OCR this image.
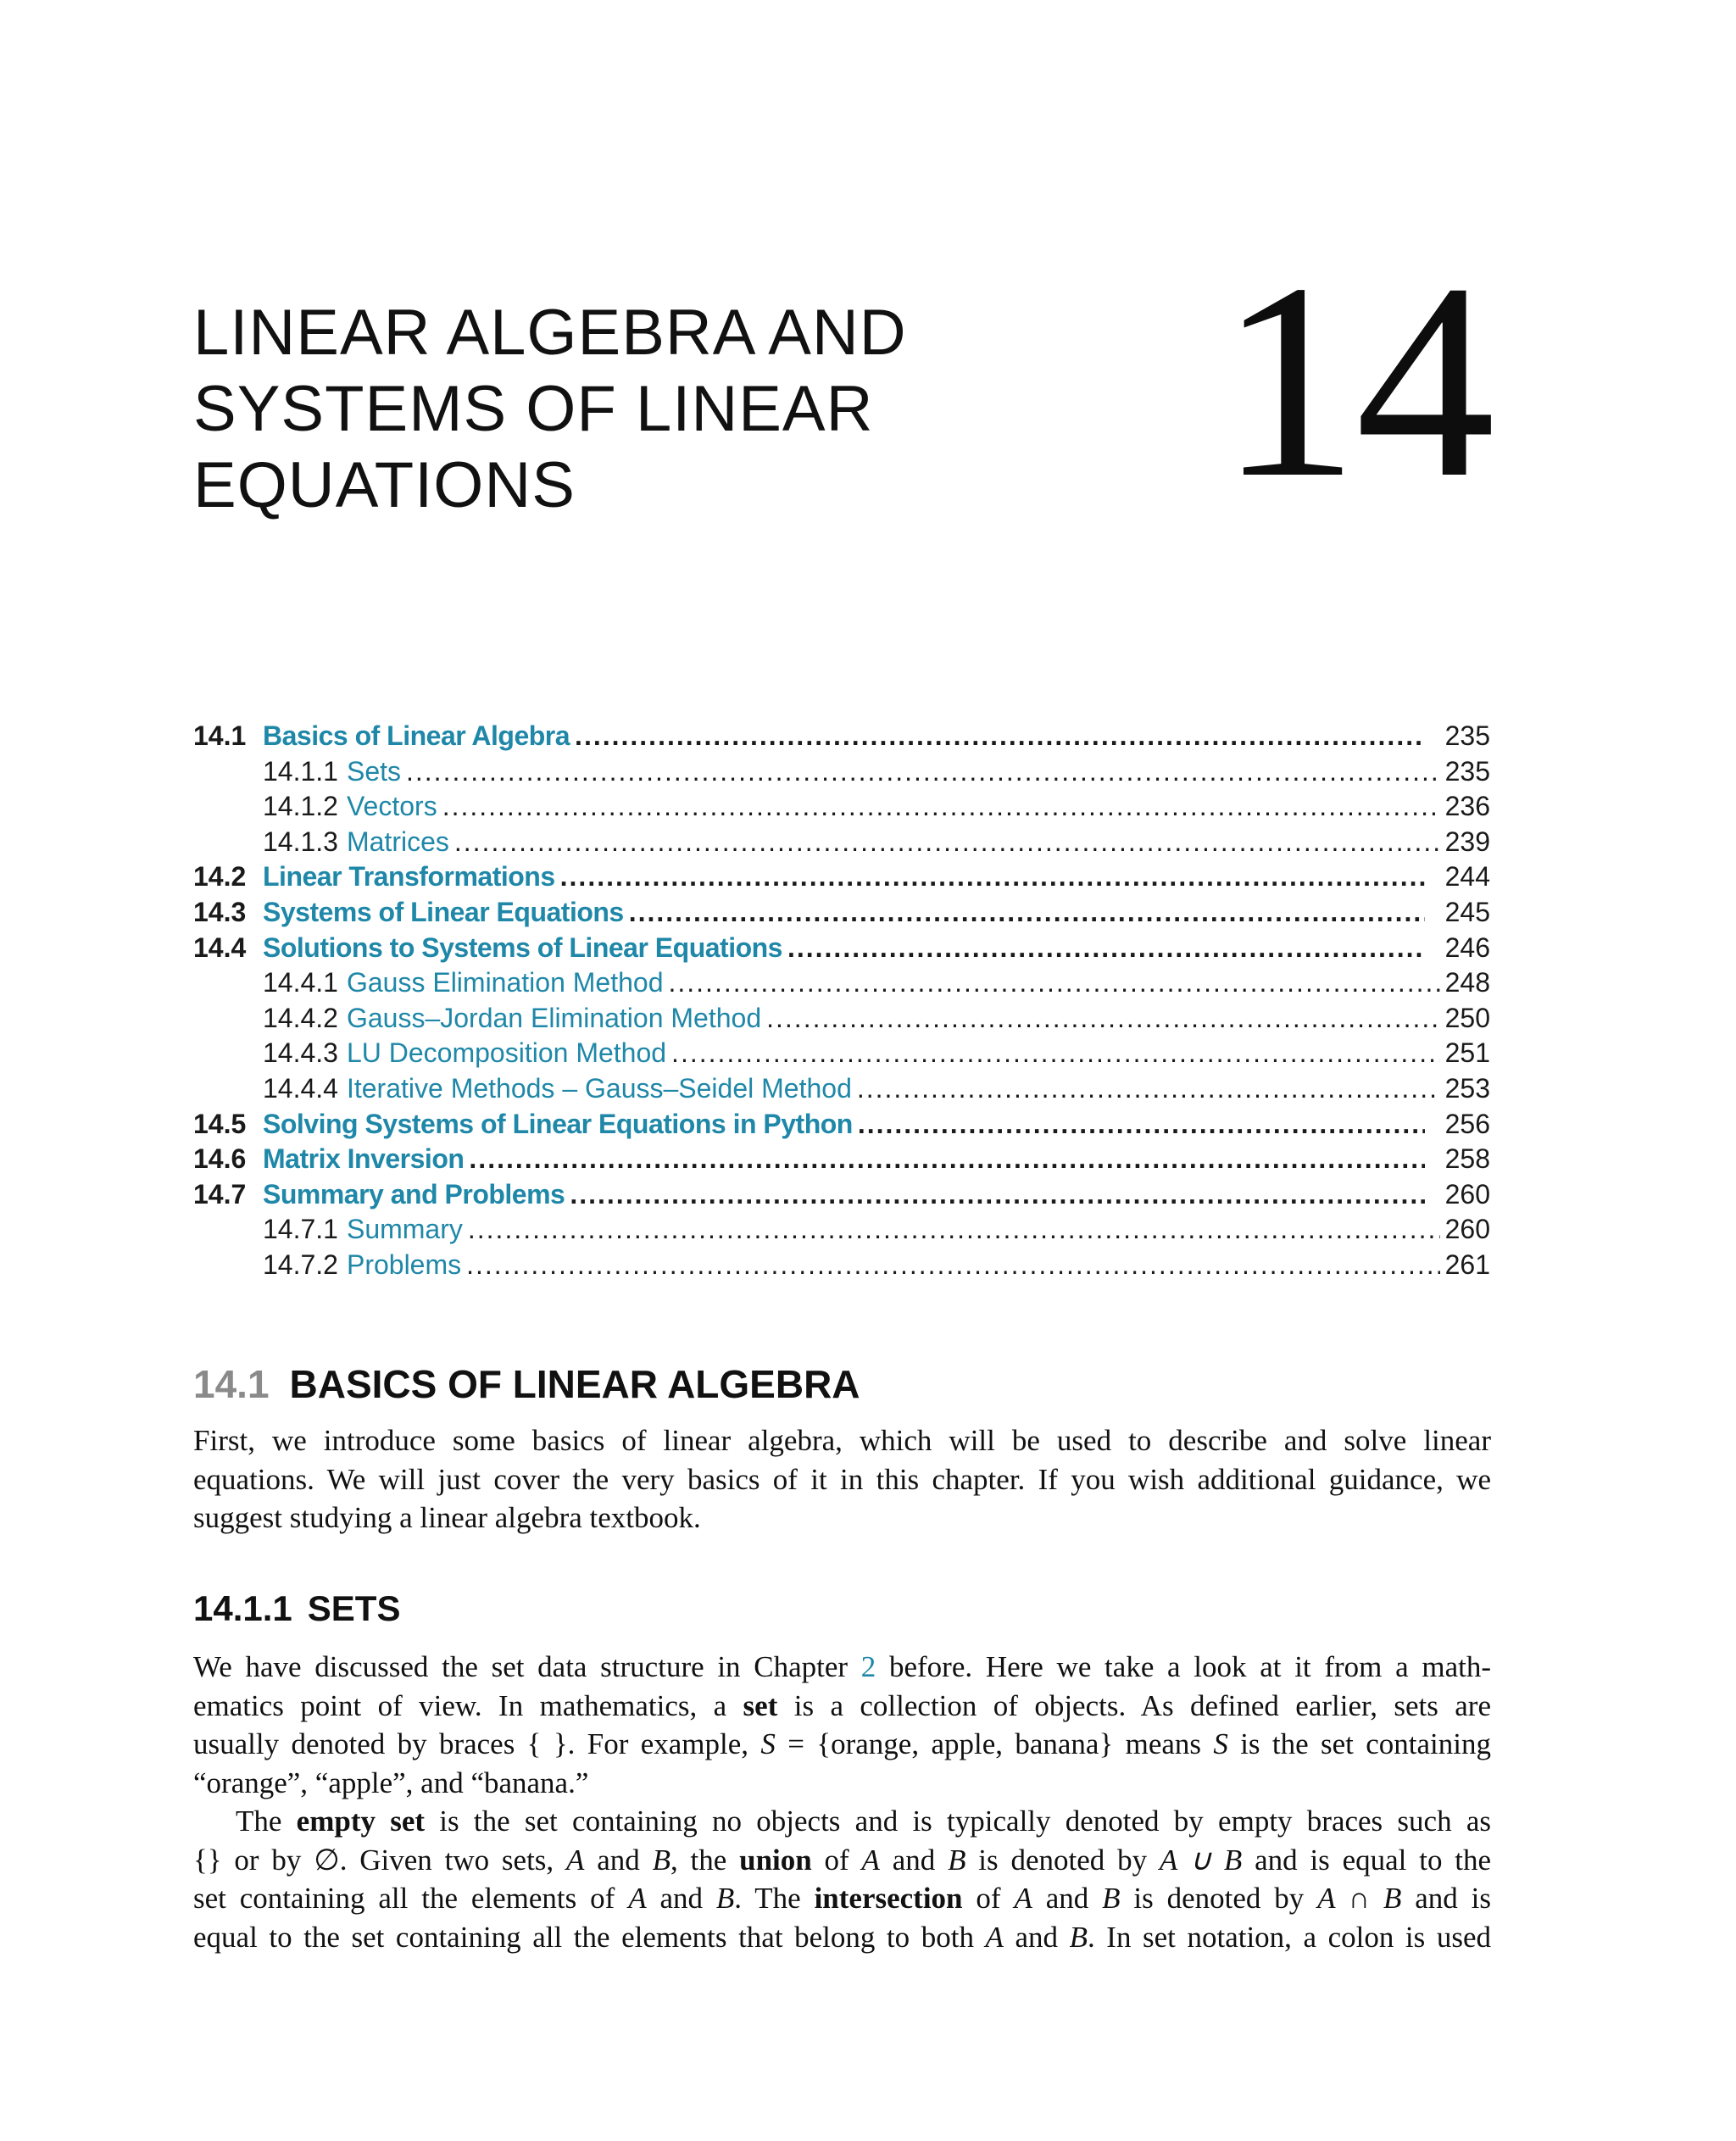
LINEAR ALGEBRA AND
SYSTEMS OF LINEAR
EQUATIONS	14
14.1 Basics of Linear Algebra .....	235
14.1.1 Sets .....	235
14.1.2 Vectors .....	236
14.1.3 Matrices .....	239
14.2 Linear Transformations .....	244
14.3 Systems of Linear Equations .....	245
14.4 Solutions to Systems of Linear Equations .....	246
14.4.1 Gauss Elimination Method .....	248
14.4.2 Gauss–Jordan Elimination Method .....	250
14.4.3 LU Decomposition Method .....	251
14.4.4 Iterative Methods – Gauss–Seidel Method .....	253
14.5 Solving Systems of Linear Equations in Python .....	256
14.6 Matrix Inversion .....	258
14.7 Summary and Problems .....	260
14.7.1 Summary .....	260
14.7.2 Problems .....	261
14.1 BASICS OF LINEAR ALGEBRA
First, we introduce some basics of linear algebra, which will be used to describe and solve linear
equations. We will just cover the very basics of it in this chapter. If you wish additional guidance, we
suggest studying a linear algebra textbook.
14.1.1 SETS
We have discussed the set data structure in Chapter 2 before. Here we take a look at it from a math-
ematics point of view. In mathematics, a set is a collection of objects. As defined earlier, sets are
usually denoted by braces { }. For example, S = {orange, apple, banana} means S is the set containing
“orange”, “apple”, and “banana.”
The empty set is the set containing no objects and is typically denoted by empty braces such as
{} or by ∅. Given two sets, A and B, the union of A and B is denoted by A ∪ B and is equal to the
set containing all the elements of A and B. The intersection of A and B is denoted by A ∩ B and is
equal to the set containing all the elements that belong to both A and B. In set notation, a colon is used
